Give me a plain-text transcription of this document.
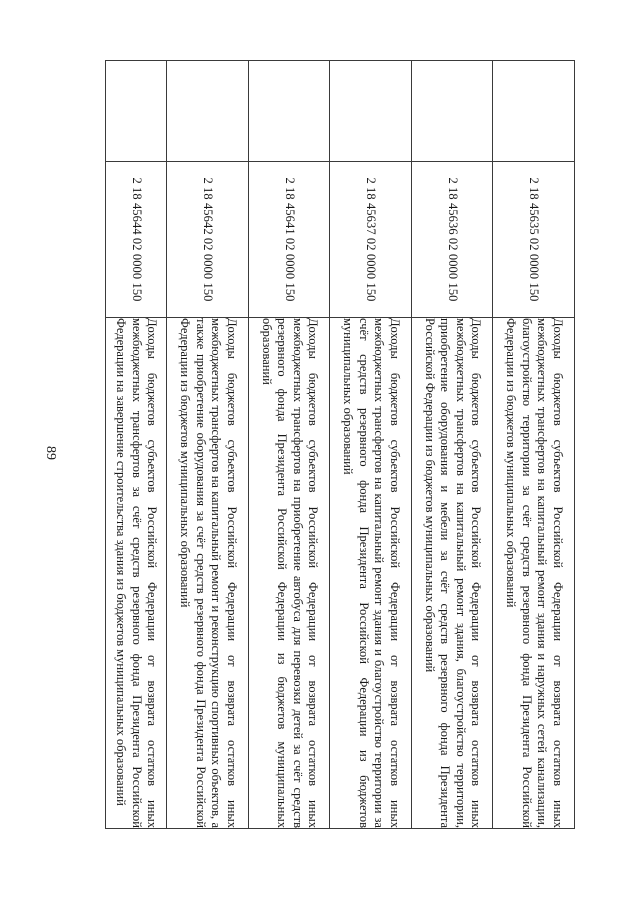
89
	2 18 45635 02 0000 150	Доходы бюджетов субъектов Российской Федерации от возврата остатков иных межбюджетных трансфертов на капитальный ремонт здания и наружных сетей канализации, благоустройство территории за счёт средств резервного фонда Президента Российской Федерации из бюджетов муниципальных образований
	2 18 45636 02 0000 150	Доходы бюджетов субъектов Российской Федерации от возврата остатков иных межбюджетных трансфертов на капитальный ремонт здания, благоустройство территории, приобретение оборудования и мебели за счёт средств резервного фонда Президента Российской Федерации из бюджетов муниципальных образований
	2 18 45637 02 0000 150	Доходы бюджетов субъектов Российской Федерации от возврата остатков иных межбюджетных трансфертов на капитальный ремонт здания и благоустройство территории за счёт средств резервного фонда Президента Российской Федерации из бюджетов муниципальных образований
	2 18 45641 02 0000 150	Доходы бюджетов субъектов Российской Федерации от возврата остатков иных межбюджетных трансфертов на приобретение автобуса для перевозки детей за счёт средств резервного фонда Президента Российской Федерации из бюджетов муниципальных образований
	2 18 45642 02 0000 150	Доходы бюджетов субъектов Российской Федерации от возврата остатков иных межбюджетных трансфертов на капитальный ремонт и реконструкцию спортивных объектов, а также приобретение оборудования за счёт средств резервного фонда Президента Российской Федерации из бюджетов муниципальных образований
	2 18 45644 02 0000 150	Доходы бюджетов субъектов Российской Федерации от возврата остатков иных межбюджетных трансфертов за счёт средств резервного фонда Президента Российской Федерации на завершение строительства здания из бюджетов муниципальных образований
